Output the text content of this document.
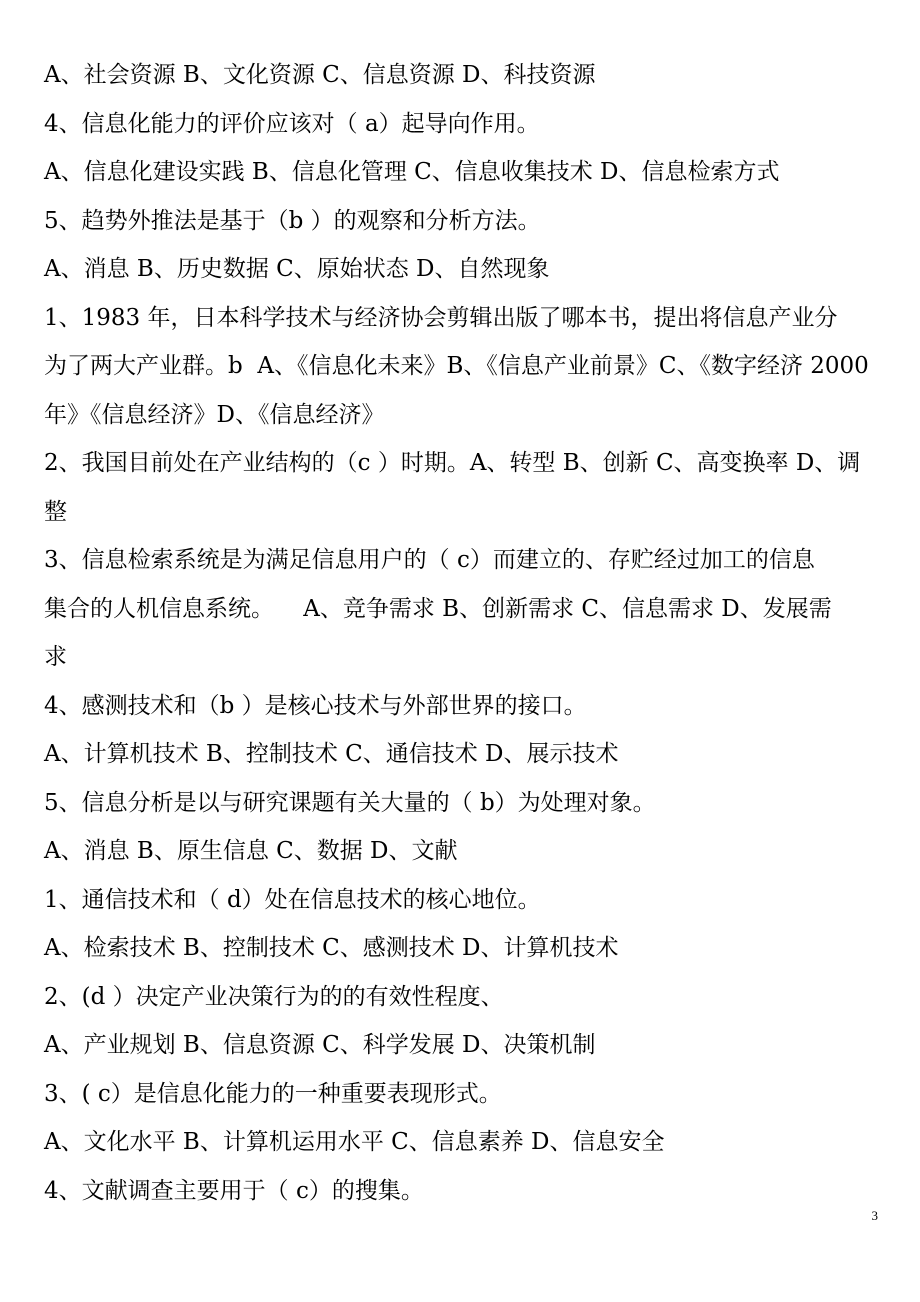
A、社会资源 B、文化资源 C、信息资源 D、科技资源

4、信息化能力的评价应该对（ a）起导向作用。

A、信息化建设实践 B、信息化管理 C、信息收集技术 D、信息检索方式

5、趋势外推法是基于（b ）的观察和分析方法。

A、消息 B、历史数据 C、原始状态 D、自然现象

1、1983 年，日本科学技术与经济协会剪辑出版了哪本书，提出将信息产业分

为了两大产业群。b  A、《信息化未来》B、《信息产业前景》C、《数字经济 2000

年》《信息经济》D、《信息经济》

2、我国目前处在产业结构的（c ）时期。A、转型 B、创新 C、高变换率 D、调

整

3、信息检索系统是为满足信息用户的（ c）而建立的、存贮经过加工的信息

集合的人机信息系统。    A、竞争需求 B、创新需求 C、信息需求 D、发展需

求

4、感测技术和（b ）是核心技术与外部世界的接口。

A、计算机技术 B、控制技术 C、通信技术 D、展示技术

5、信息分析是以与研究课题有关大量的（ b）为处理对象。

A、消息 B、原生信息 C、数据 D、文献

1、通信技术和（ d）处在信息技术的核心地位。

A、检索技术 B、控制技术 C、感测技术 D、计算机技术

2、(d ）决定产业决策行为的的有效性程度、

A、产业规划 B、信息资源 C、科学发展 D、决策机制

3、( c）是信息化能力的一种重要表现形式。

A、文化水平 B、计算机运用水平 C、信息素养 D、信息安全

4、文献调查主要用于（ c）的搜集。

3
